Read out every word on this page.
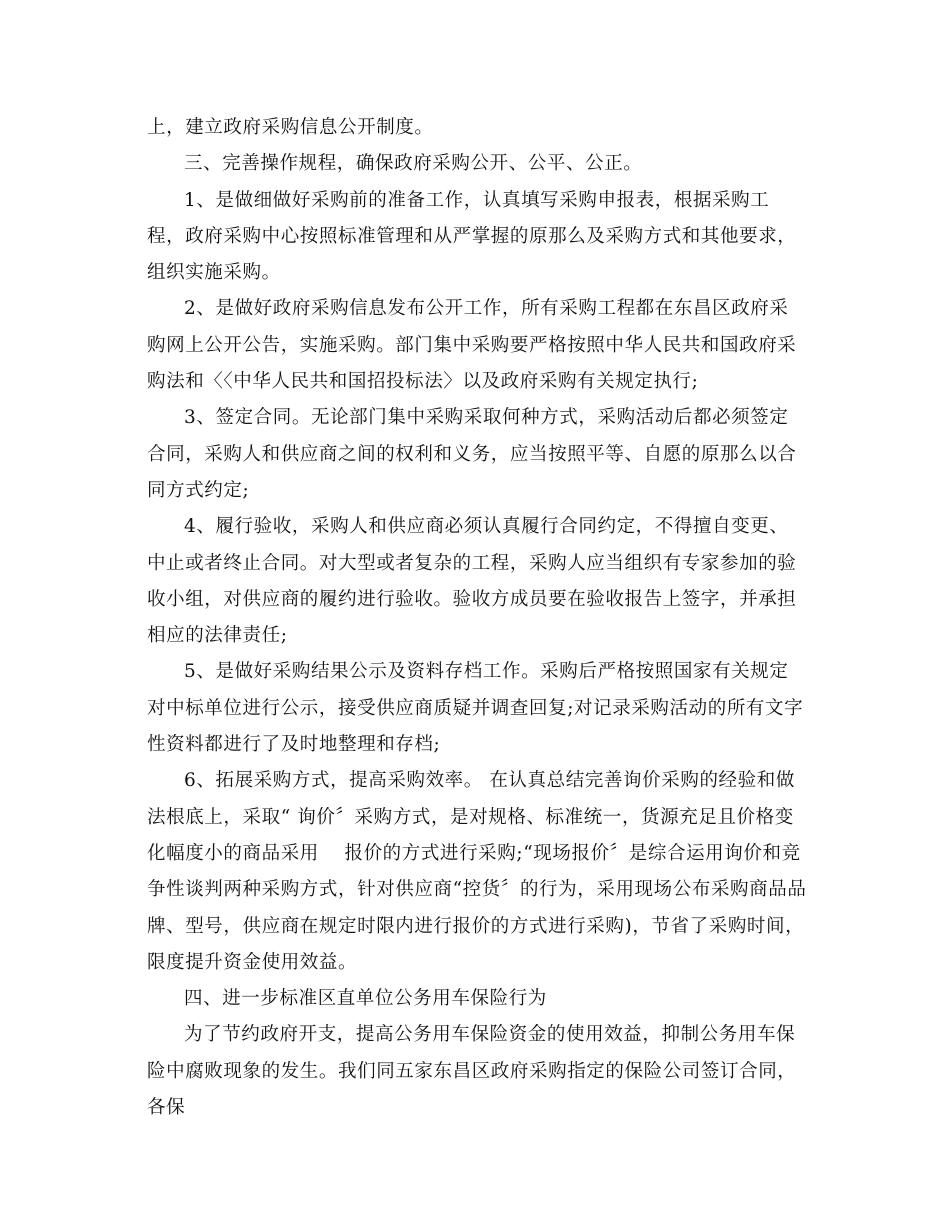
上，建立政府采购信息公开制度。

三、完善操作规程，确保政府采购公开、公平、公正。

1、是做细做好采购前的准备工作，认真填写采购申报表，根据采购工程，政府采购中心按照标准管理和从严掌握的原那么及采购方式和其他要求，组织实施采购。

2、是做好政府采购信息发布公开工作，所有采购工程都在东昌区政府采购网上公开公告，实施采购。部门集中采购要严格按照中华人民共和国政府采购法和〈〈中华人民共和国招投标法〉以及政府采购有关规定执行;

3、签定合同。无论部门集中采购采取何种方式，采购活动后都必须签定合同，采购人和供应商之间的权利和义务，应当按照平等、自愿的原那么以合同方式约定;

4、履行验收，采购人和供应商必须认真履行合同约定，不得擅自变更、中止或者终止合同。对大型或者复杂的工程，采购人应当组织有专家参加的验收小组，对供应商的履约进行验收。验收方成员要在验收报告上签字，并承担相应的法律责任;

5、是做好采购结果公示及资料存档工作。采购后严格按照国家有关规定对中标单位进行公示，接受供应商质疑并调查回复;对记录采购活动的所有文字性资料都进行了及时地整理和存档;

6、拓展采购方式，提高采购效率。 在认真总结完善询价采购的经验和做法根底上，采取“ 询价〞采购方式，是对规格、标准统一，货源充足且价格变化幅度小的商品采用　 报价的方式进行采购;“现场报价〞是综合运用询价和竞争性谈判两种采购方式，针对供应商“控货〞的行为，采用现场公布采购商品品牌、型号，供应商在规定时限内进行报价的方式进行采购)，节省了采购时间，限度提升资金使用效益。

四、进一步标准区直单位公务用车保险行为

为了节约政府开支，提高公务用车保险资金的使用效益，抑制公务用车保险中腐败现象的发生。我们同五家东昌区政府采购指定的保险公司签订合同，各保
